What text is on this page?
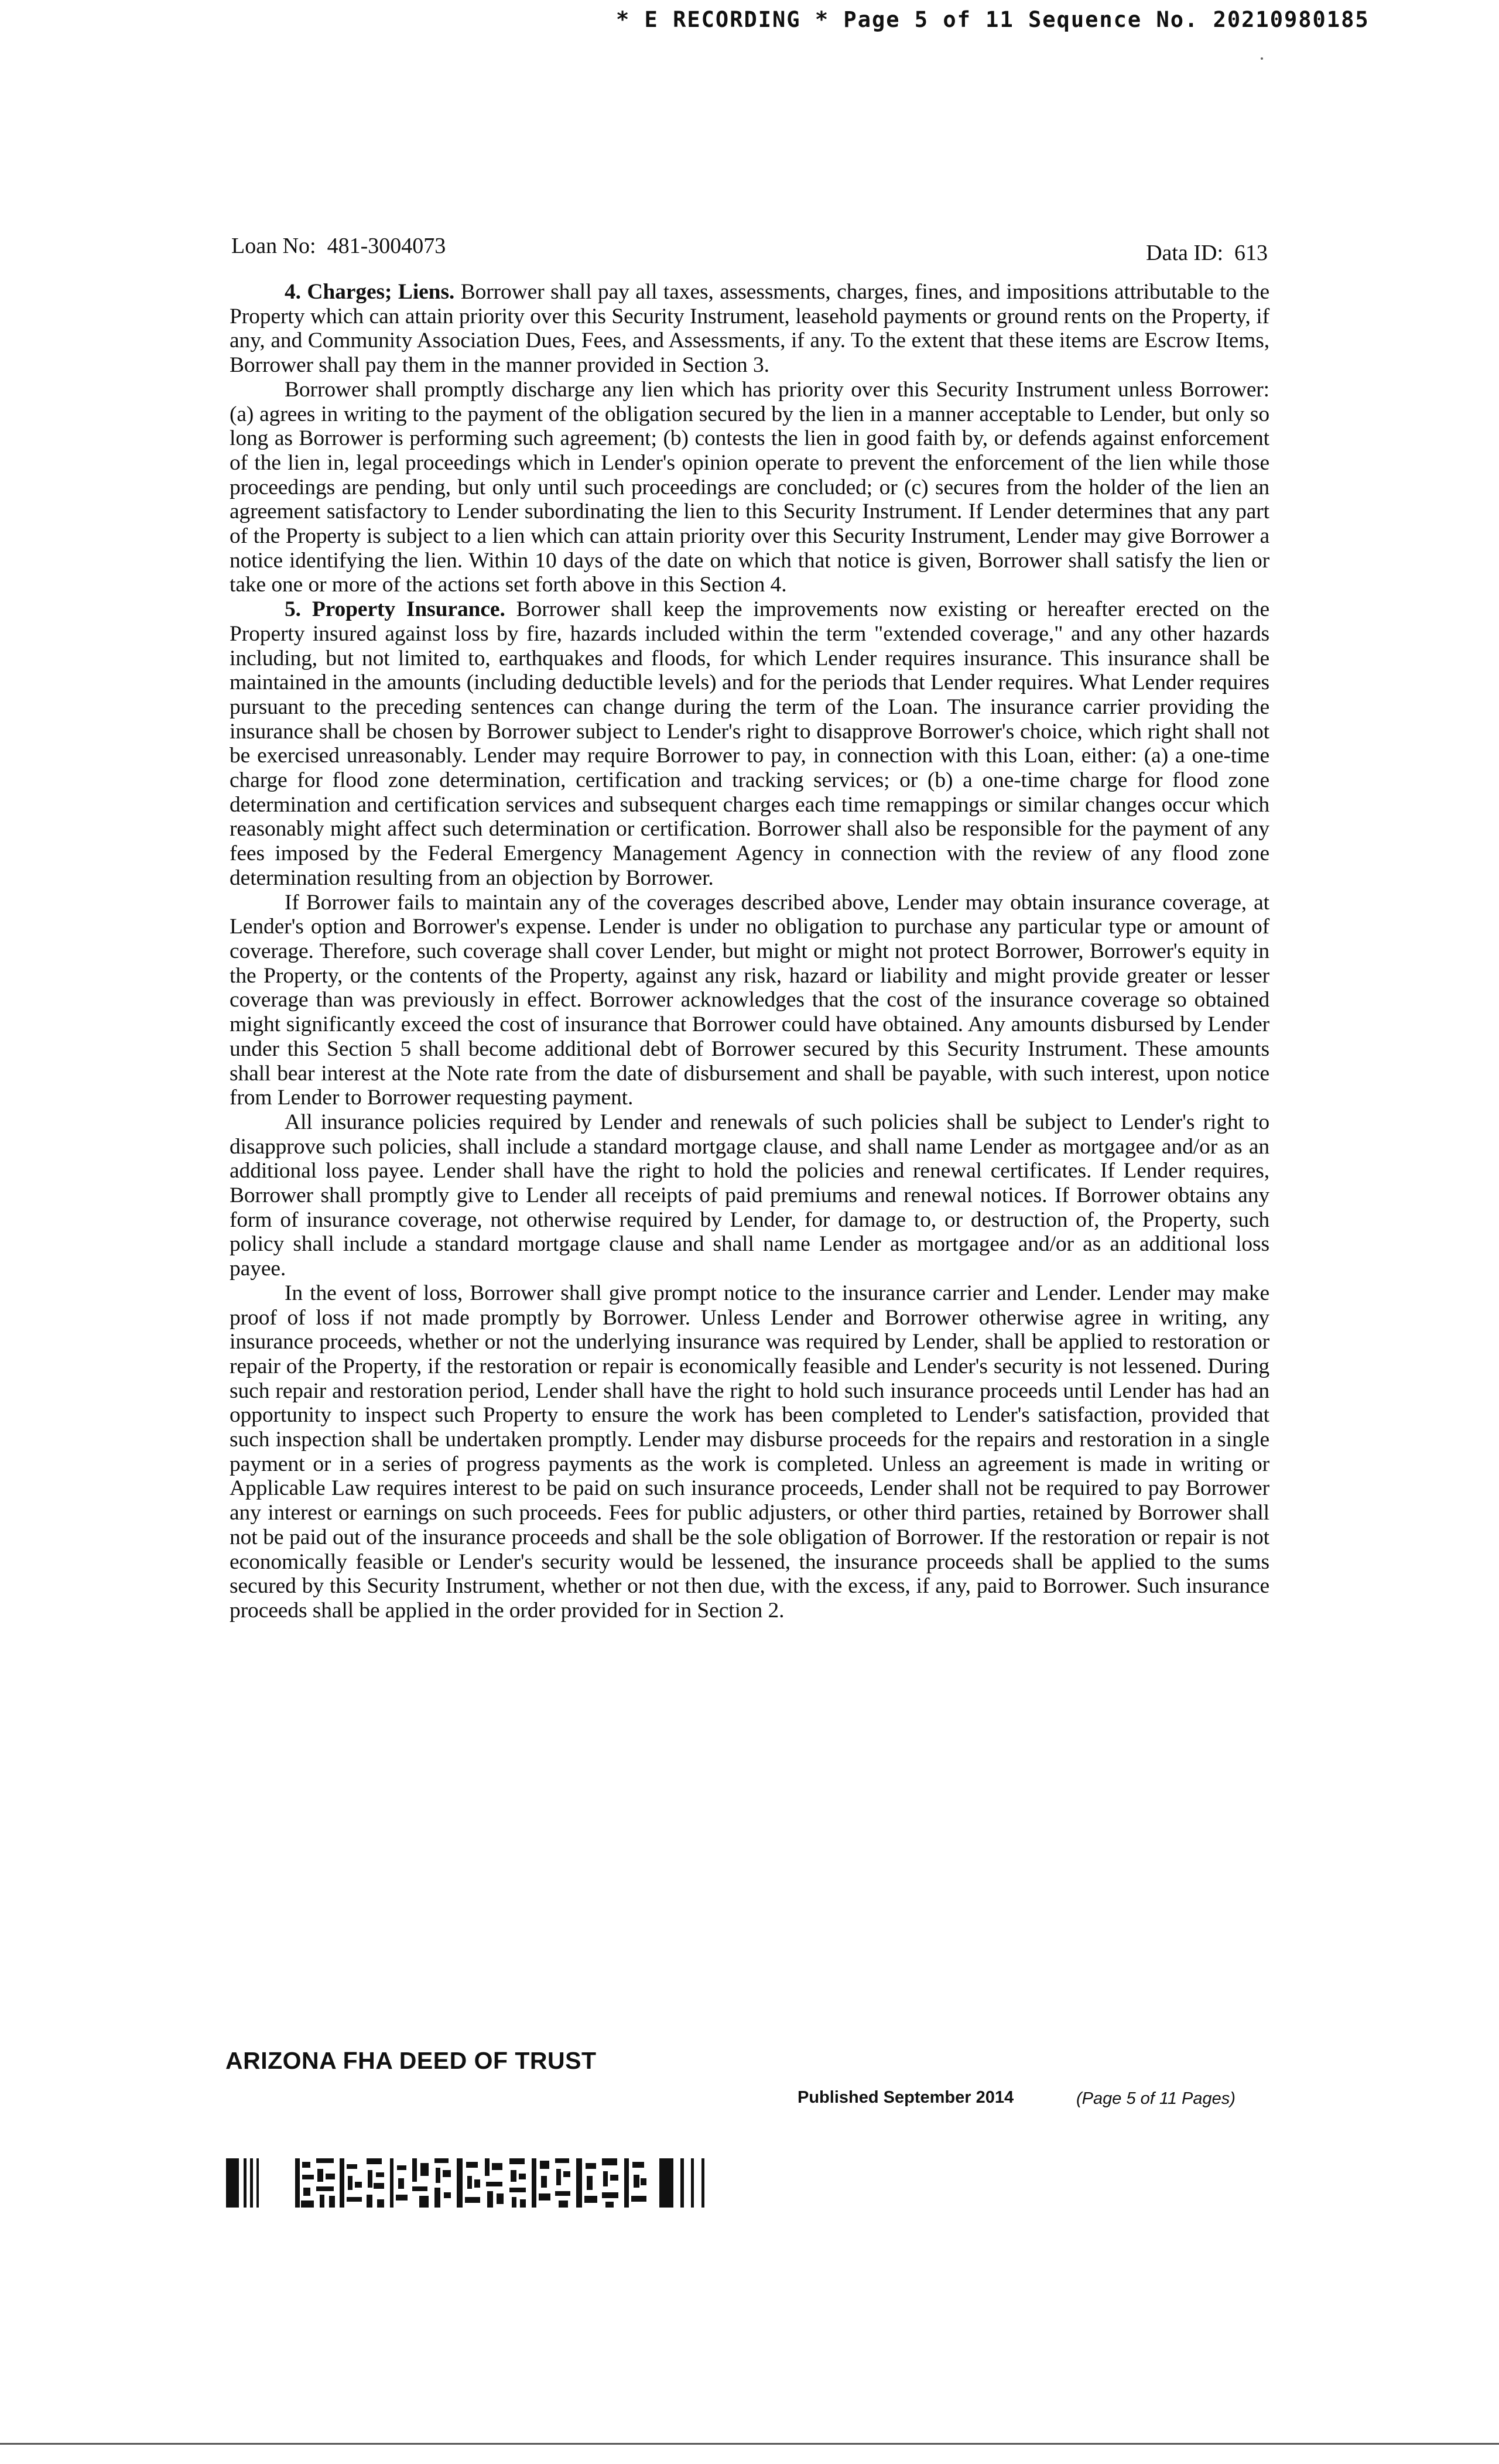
* E RECORDING * Page 5 of 11 Sequence No. 20210980185
Loan No: 481-3004073	Data ID: 613

4. Charges; Liens. Borrower shall pay all taxes, assessments, charges, fines, and impositions attributable to the Property which can attain priority over this Security Instrument, leasehold payments or ground rents on the Property, if any, and Community Association Dues, Fees, and Assessments, if any. To the extent that these items are Escrow Items, Borrower shall pay them in the manner provided in Section 3.

Borrower shall promptly discharge any lien which has priority over this Security Instrument unless Borrower: (a) agrees in writing to the payment of the obligation secured by the lien in a manner acceptable to Lender, but only so long as Borrower is performing such agreement; (b) contests the lien in good faith by, or defends against enforcement of the lien in, legal proceedings which in Lender's opinion operate to prevent the enforcement of the lien while those proceedings are pending, but only until such proceedings are concluded; or (c) secures from the holder of the lien an agreement satisfactory to Lender subordinating the lien to this Security Instrument. If Lender determines that any part of the Property is subject to a lien which can attain priority over this Security Instrument, Lender may give Borrower a notice identifying the lien. Within 10 days of the date on which that notice is given, Borrower shall satisfy the lien or take one or more of the actions set forth above in this Section 4.

5. Property Insurance. Borrower shall keep the improvements now existing or hereafter erected on the Property insured against loss by fire, hazards included within the term "extended coverage," and any other hazards including, but not limited to, earthquakes and floods, for which Lender requires insurance. This insurance shall be maintained in the amounts (including deductible levels) and for the periods that Lender requires. What Lender requires pursuant to the preceding sentences can change during the term of the Loan. The insurance carrier providing the insurance shall be chosen by Borrower subject to Lender's right to disapprove Borrower's choice, which right shall not be exercised unreasonably. Lender may require Borrower to pay, in connection with this Loan, either: (a) a one-time charge for flood zone determination, certification and tracking services; or (b) a one-time charge for flood zone determination and certification services and subsequent charges each time remappings or similar changes occur which reasonably might affect such determination or certification. Borrower shall also be responsible for the payment of any fees imposed by the Federal Emergency Management Agency in connection with the review of any flood zone determination resulting from an objection by Borrower.

If Borrower fails to maintain any of the coverages described above, Lender may obtain insurance coverage, at Lender's option and Borrower's expense. Lender is under no obligation to purchase any particular type or amount of coverage. Therefore, such coverage shall cover Lender, but might or might not protect Borrower, Borrower's equity in the Property, or the contents of the Property, against any risk, hazard or liability and might provide greater or lesser coverage than was previously in effect. Borrower acknowledges that the cost of the insurance coverage so obtained might significantly exceed the cost of insurance that Borrower could have obtained. Any amounts disbursed by Lender under this Section 5 shall become additional debt of Borrower secured by this Security Instrument. These amounts shall bear interest at the Note rate from the date of disbursement and shall be payable, with such interest, upon notice from Lender to Borrower requesting payment.

All insurance policies required by Lender and renewals of such policies shall be subject to Lender's right to disapprove such policies, shall include a standard mortgage clause, and shall name Lender as mortgagee and/or as an additional loss payee. Lender shall have the right to hold the policies and renewal certificates. If Lender requires, Borrower shall promptly give to Lender all receipts of paid premiums and renewal notices. If Borrower obtains any form of insurance coverage, not otherwise required by Lender, for damage to, or destruction of, the Property, such policy shall include a standard mortgage clause and shall name Lender as mortgagee and/or as an additional loss payee.

In the event of loss, Borrower shall give prompt notice to the insurance carrier and Lender. Lender may make proof of loss if not made promptly by Borrower. Unless Lender and Borrower otherwise agree in writing, any insurance proceeds, whether or not the underlying insurance was required by Lender, shall be applied to restoration or repair of the Property, if the restoration or repair is economically feasible and Lender's security is not lessened. During such repair and restoration period, Lender shall have the right to hold such insurance proceeds until Lender has had an opportunity to inspect such Property to ensure the work has been completed to Lender's satisfaction, provided that such inspection shall be undertaken promptly. Lender may disburse proceeds for the repairs and restoration in a single payment or in a series of progress payments as the work is completed. Unless an agreement is made in writing or Applicable Law requires interest to be paid on such insurance proceeds, Lender shall not be required to pay Borrower any interest or earnings on such proceeds. Fees for public adjusters, or other third parties, retained by Borrower shall not be paid out of the insurance proceeds and shall be the sole obligation of Borrower. If the restoration or repair is not economically feasible or Lender's security would be lessened, the insurance proceeds shall be applied to the sums secured by this Security Instrument, whether or not then due, with the excess, if any, paid to Borrower. Such insurance proceeds shall be applied in the order provided for in Section 2.

ARIZONA FHA DEED OF TRUST
Published September 2014	(Page 5 of 11 Pages)
